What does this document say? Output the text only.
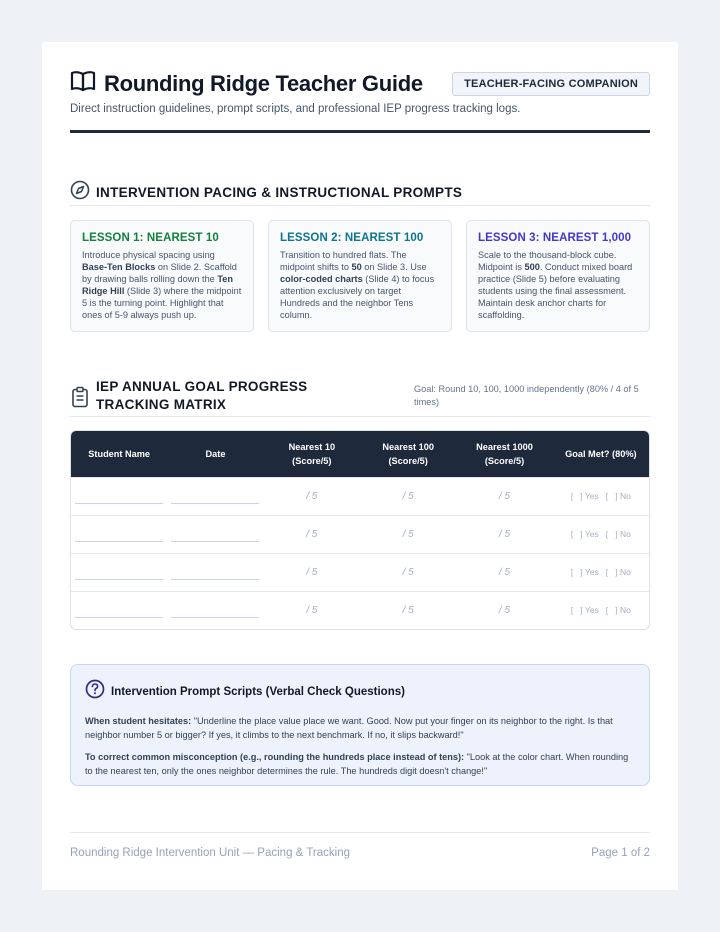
Rounding Ridge Teacher Guide	TEACHER-FACING COMPANION
Direct instruction guidelines, prompt scripts, and professional IEP progress tracking logs.
INTERVENTION PACING & INSTRUCTIONAL PROMPTS
LESSON 1: NEAREST 10
Introduce physical spacing using Base-Ten Blocks on Slide 2. Scaffold by drawing balls rolling down the Ten Ridge Hill (Slide 3) where the midpoint 5 is the turning point. Highlight that ones of 5-9 always push up.
LESSON 2: NEAREST 100
Transition to hundred flats. The midpoint shifts to 50 on Slide 3. Use color-coded charts (Slide 4) to focus attention exclusively on target Hundreds and the neighbor Tens column.
LESSON 3: NEAREST 1,000
Scale to the thousand-block cube. Midpoint is 500. Conduct mixed board practice (Slide 5) before evaluating students using the final assessment. Maintain desk anchor charts for scaffolding.
IEP ANNUAL GOAL PROGRESS TRACKING MATRIX
Goal: Round 10, 100, 1000 independently (80% / 4 of 5 times)
Student Name	Date	Nearest 10 (Score/5)	Nearest 100 (Score/5)	Nearest 1000 (Score/5)	Goal Met? (80%)
		/ 5	/ 5	/ 5	[   ] Yes   [   ] No
		/ 5	/ 5	/ 5	[   ] Yes   [   ] No
		/ 5	/ 5	/ 5	[   ] Yes   [   ] No
		/ 5	/ 5	/ 5	[   ] Yes   [   ] No
Intervention Prompt Scripts (Verbal Check Questions)

When student hesitates: "Underline the place value place we want. Good. Now put your finger on its neighbor to the right. Is that neighbor number 5 or bigger? If yes, it climbs to the next benchmark. If no, it slips backward!"

To correct common misconception (e.g., rounding the hundreds place instead of tens): "Look at the color chart. When rounding to the nearest ten, only the ones neighbor determines the rule. The hundreds digit doesn't change!"

Rounding Ridge Intervention Unit — Pacing & Tracking	Page 1 of 2
